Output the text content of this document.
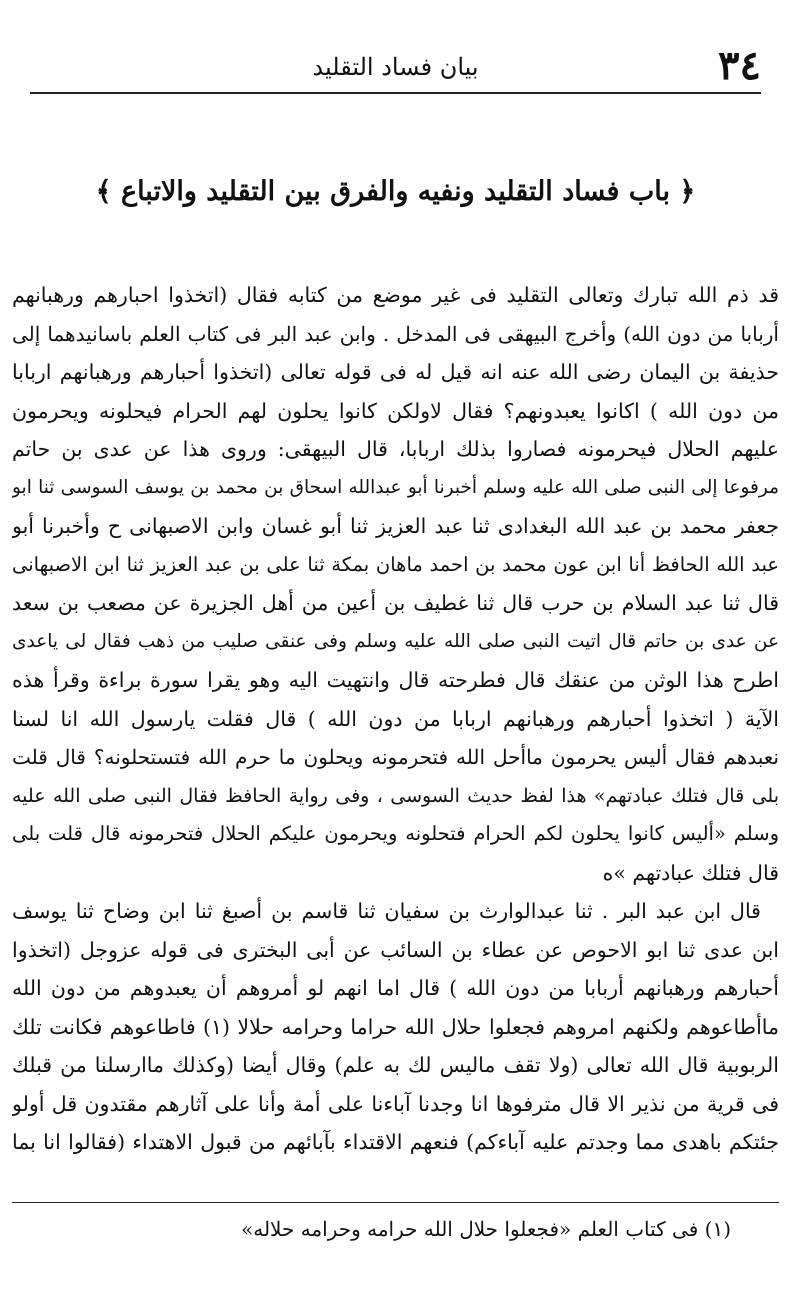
٣٤
بيان فساد التقليد
﴿ باب فساد التقليد ونفيه والفرق بين التقليد والاتباع ﴾
قد ذم الله تبارك وتعالى التقليد فى غير موضع من كتابه فقال (اتخذوا احبارهم ورهبانهم
أربابا من دون الله) وأخرج البيهقى فى المدخل . وابن عبد البر فى كتاب العلم باسانيدهما إلى
حذيفة بن اليمان رضى الله عنه انه قيل له فى قوله تعالى (اتخذوا أحبارهم ورهبانهم اربابا
من دون الله ) اكانوا يعبدونهم؟ فقال لاولكن كانوا يحلون لهم الحرام فيحلونه ويحرمون
عليهم الحلال فيحرمونه فصاروا بذلك اربابا، قال البيهقى: وروى هذا عن عدى بن حاتم
مرفوعا إلى النبى صلى الله عليه وسلم أخبرنا أبو عبدالله اسحاق بن محمد بن يوسف السوسى ثنا ابو
جعفر محمد بن عبد الله البغدادى ثنا عبد العزيز ثنا أبو غسان وابن الاصبهانى ح وأخبرنا أبو
عبد الله الحافظ أنا ابن عون محمد بن احمد ماهان بمكة ثنا على بن عبد العزيز ثنا ابن الاصبهانى
قال ثنا عبد السلام بن حرب قال ثنا غطيف بن أعين من أهل الجزيرة عن مصعب بن سعد
عن عدى بن حاتم قال اتيت النبى صلى الله عليه وسلم وفى عنقى صليب من ذهب فقال لى ياعدى
اطرح هذا الوثن من عنقك قال فطرحته قال وانتهيت اليه وهو يقرا سورة براءة وقرأ هذه
الآية ( اتخذوا أحبارهم ورهبانهم اربابا من دون الله ) قال فقلت يارسول الله انا لسنا
نعبدهم فقال أليس يحرمون ماأحل الله فتحرمونه ويحلون ما حرم الله فتستحلونه؟ قال قلت
بلى قال فتلك عبادتهم» هذا لفظ حديث السوسى ، وفى رواية الحافظ فقال النبى صلى الله عليه
وسلم «أليس كانوا يحلون لكم الحرام فتحلونه ويحرمون عليكم الحلال فتحرمونه قال قلت بلى
قال فتلك عبادتهم »ه
قال ابن عبد البر . ثنا عبدالوارث بن سفيان ثنا قاسم بن أصبغ ثنا ابن وضاح ثنا يوسف
ابن عدى ثنا ابو الاحوص عن عطاء بن السائب عن أبى البخترى فى قوله عزوجل (اتخذوا
أحبارهم ورهبانهم أربابا من دون الله ) قال اما انهم لو أمروهم أن يعبدوهم من دون الله
ماأطاعوهم ولكنهم امروهم فجعلوا حلال الله حراما وحرامه حلالا (١) فاطاعوهم فكانت تلك
الربوبية قال الله تعالى (ولا تقف ماليس لك به علم) وقال أيضا (وكذلك ماارسلنا من قبلك
فى قرية من نذير الا قال مترفوها انا وجدنا آباءنا على أمة وأنا على آثارهم مقتدون قل أولو
جئتكم باهدى مما وجدتم عليه آباءكم) فنعهم الاقتداء بآبائهم من قبول الاهتداء (فقالوا انا بما
(١) فى كتاب العلم «فجعلوا حلال الله حرامه وحرامه حلاله»
